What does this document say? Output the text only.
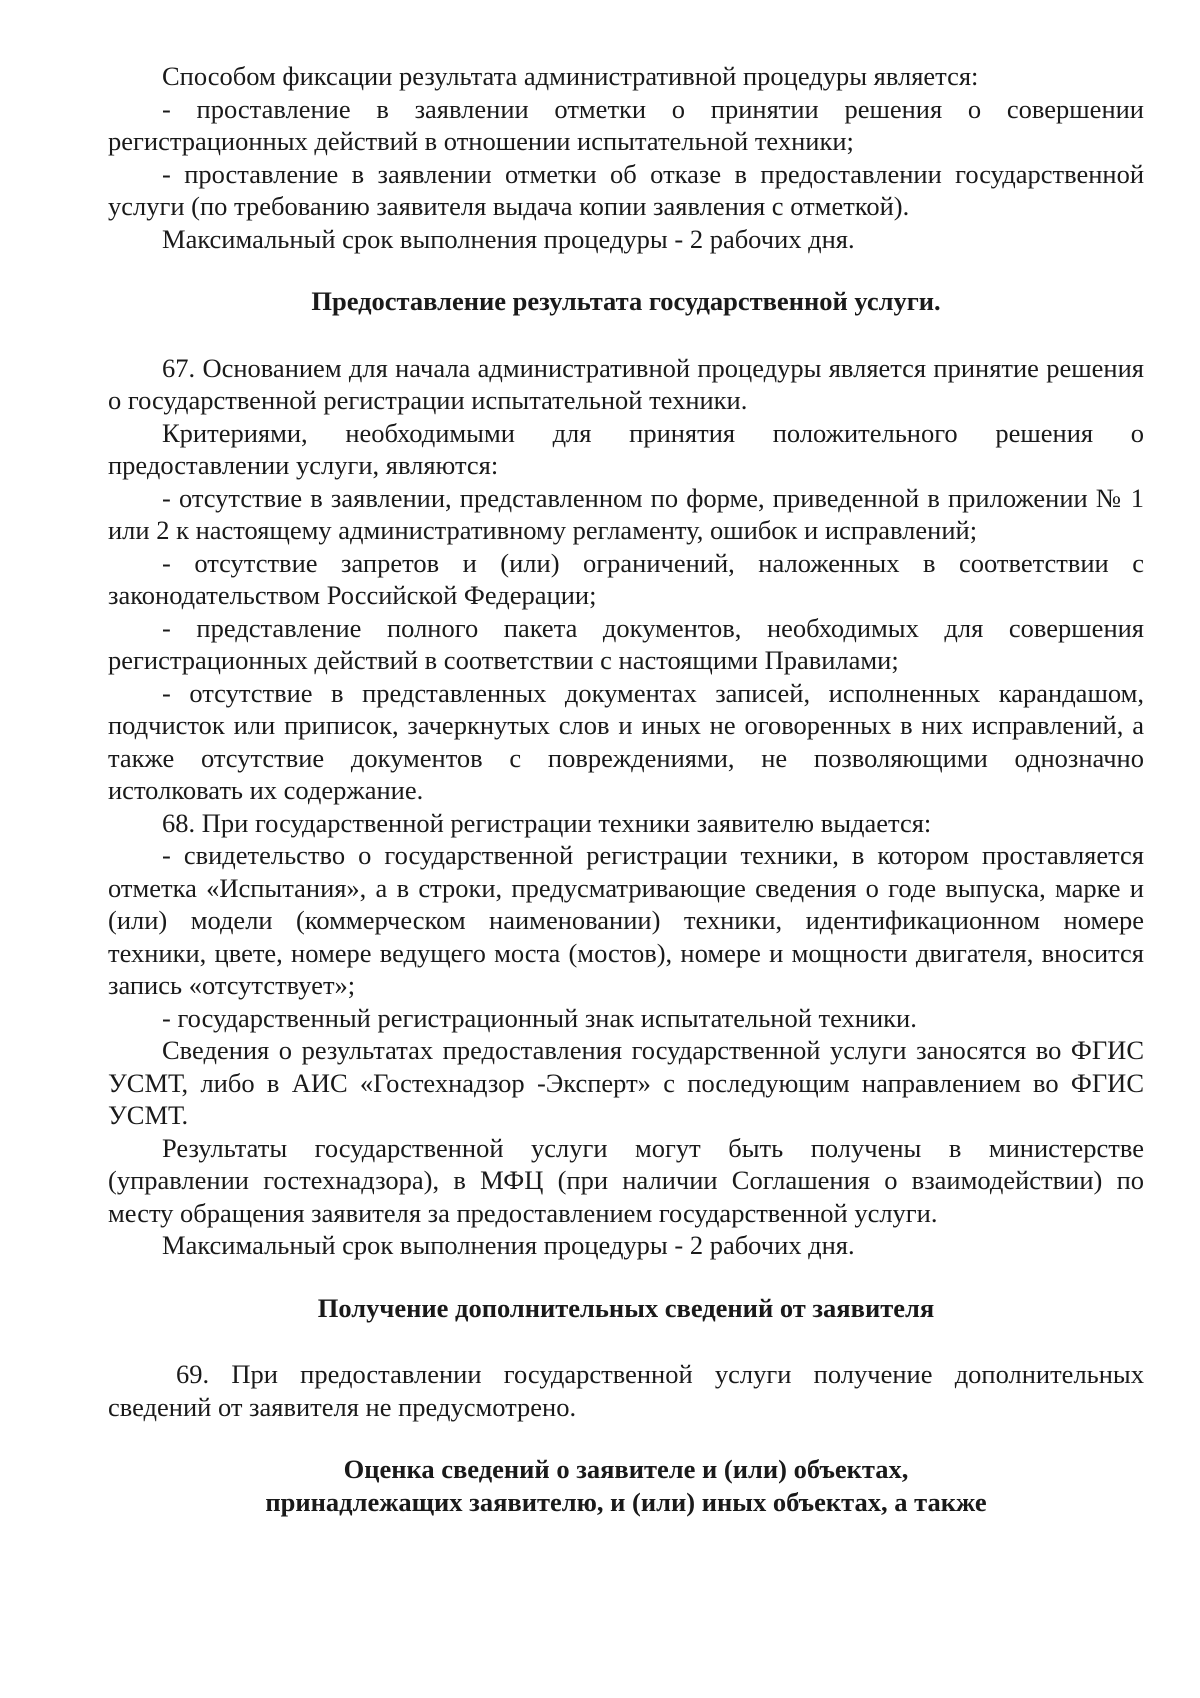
Способом фиксации результата административной процедуры является:

- проставление в заявлении отметки о принятии решения о совершении регистрационных действий в отношении испытательной техники;

- проставление в заявлении отметки об отказе в предоставлении государственной услуги (по требованию заявителя выдача копии заявления с отметкой).

Максимальный срок выполнения процедуры - 2 рабочих дня.

Предоставление результата государственной услуги.

67. Основанием для начала административной процедуры является принятие решения о государственной регистрации испытательной техники.

Критериями, необходимыми для принятия положительного решения о предоставлении услуги, являются:

- отсутствие в заявлении, представленном по форме, приведенной в приложении № 1 или 2 к настоящему административному регламенту, ошибок и исправлений;

- отсутствие запретов и (или) ограничений, наложенных в соответствии с законодательством Российской Федерации;

- представление полного пакета документов, необходимых для совершения регистрационных действий в соответствии с настоящими Правилами;

- отсутствие в представленных документах записей, исполненных карандашом, подчисток или приписок, зачеркнутых слов и иных не оговоренных в них исправлений, а также отсутствие документов с повреждениями, не позволяющими однозначно истолковать их содержание.

68. При государственной регистрации техники заявителю выдается:

- свидетельство о государственной регистрации техники, в котором проставляется отметка «Испытания», а в строки, предусматривающие сведения о годе выпуска, марке и (или) модели (коммерческом наименовании) техники, идентификационном номере техники, цвете, номере ведущего моста (мостов), номере и мощности двигателя, вносится запись «отсутствует»;

- государственный регистрационный знак испытательной техники.

Сведения о результатах предоставления государственной услуги заносятся во ФГИС УСМТ, либо в АИС «Гостехнадзор -Эксперт» с последующим направлением во ФГИС УСМТ.

Результаты государственной услуги могут быть получены в министерстве (управлении гостехнадзора), в МФЦ (при наличии Соглашения о взаимодействии) по месту обращения заявителя за предоставлением государственной услуги.

Максимальный срок выполнения процедуры - 2 рабочих дня.

Получение дополнительных сведений от заявителя

69. При предоставлении государственной услуги получение дополнительных сведений от заявителя не предусмотрено.

Оценка сведений о заявителе и (или) объектах,

принадлежащих заявителю, и (или) иных объектах, а также
